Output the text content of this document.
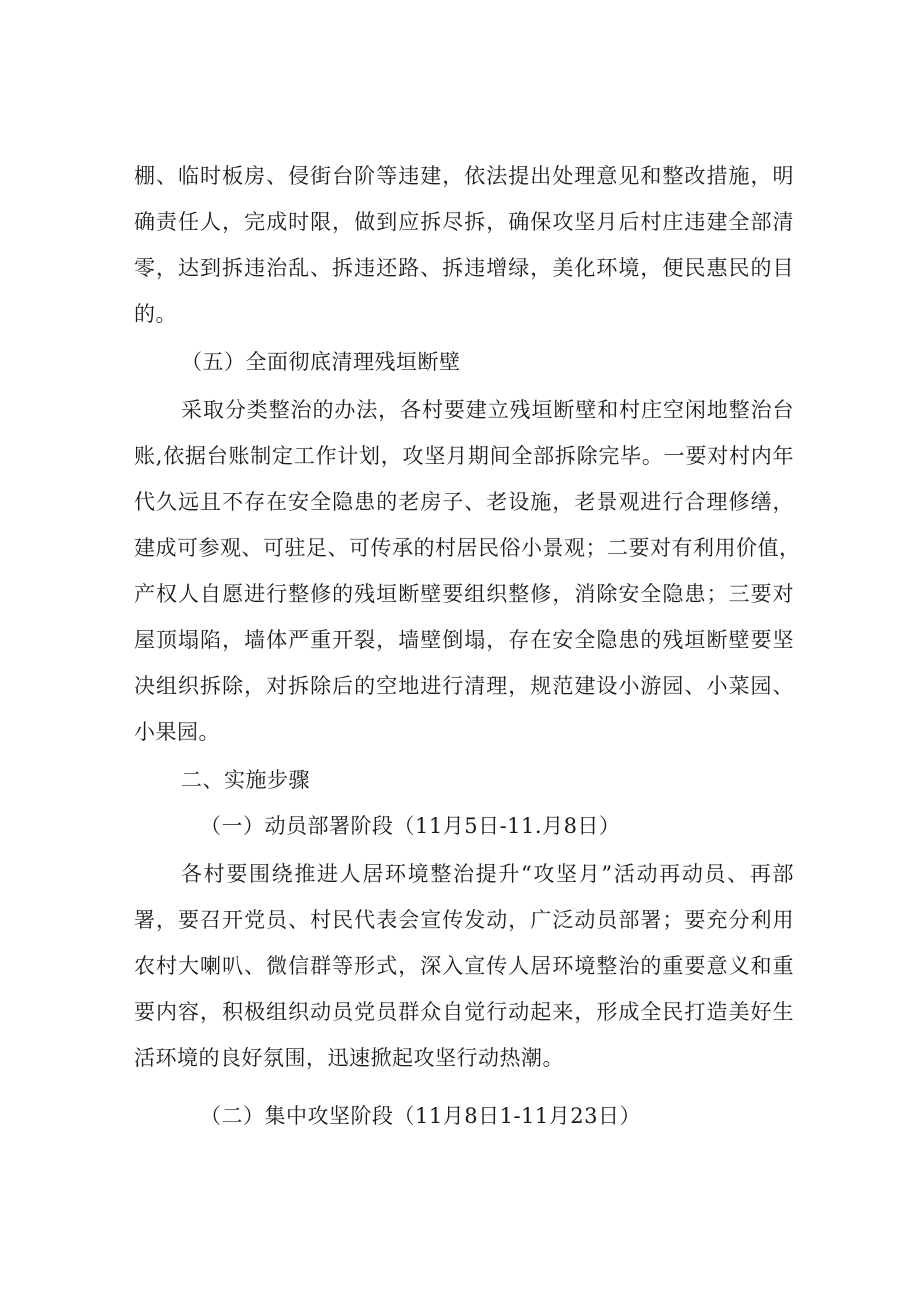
棚、临时板房、侵街台阶等违建，依法提出处理意见和整改措施，明
确责任人，完成时限，做到应拆尽拆，确保攻坚月后村庄违建全部清
零，达到拆违治乱、拆违还路、拆违增绿，美化环境，便民惠民的目
的。
（五）全面彻底清理残垣断壁
采取分类整治的办法，各村要建立残垣断壁和村庄空闲地整治台
账,依据台账制定工作计划，攻坚月期间全部拆除完毕。一要对村内年
代久远且不存在安全隐患的老房子、老设施，老景观进行合理修缮，
建成可参观、可驻足、可传承的村居民俗小景观；二要对有利用价值，
产权人自愿进行整修的残垣断壁要组织整修，消除安全隐患；三要对
屋顶塌陷，墙体严重开裂，墙壁倒塌，存在安全隐患的残垣断壁要坚
决组织拆除，对拆除后的空地进行清理，规范建设小游园、小菜园、
小果园。
二、实施步骤
（一）动员部署阶段（11月5日-11.月8日）
各村要围绕推进人居环境整治提升“攻坚月”活动再动员、再部
署，要召开党员、村民代表会宣传发动，广泛动员部署；要充分利用
农村大喇叭、微信群等形式，深入宣传人居环境整治的重要意义和重
要内容，积极组织动员党员群众自觉行动起来，形成全民打造美好生
活环境的良好氛围，迅速掀起攻坚行动热潮。
（二）集中攻坚阶段（11月8日1-11月23日）
